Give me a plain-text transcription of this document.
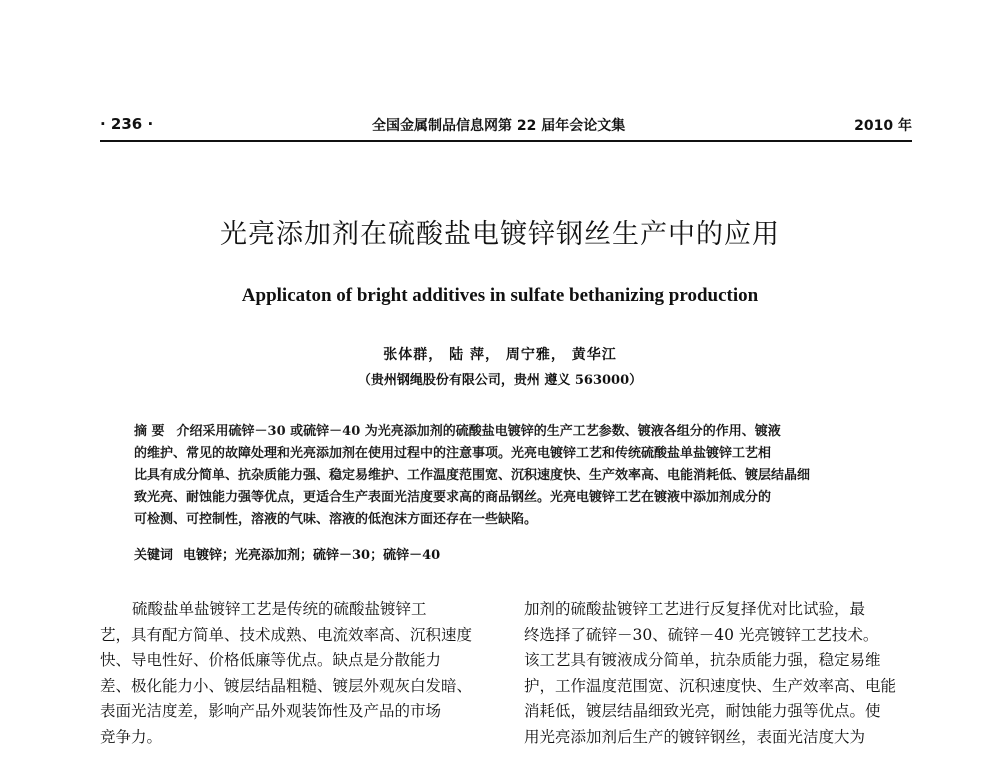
· 236 ·	全国金属制品信息网第 22 届年会论文集	2010 年
光亮添加剂在硫酸盐电镀锌钢丝生产中的应用
Applicaton of bright additives in sulfate bethanizing production
张体群， 陆 萍， 周宁雅， 黄华江
（贵州钢绳股份有限公司，贵州 遵义 563000）
摘 要 介绍采用硫锌－30 或硫锌－40 为光亮添加剂的硫酸盐电镀锌的生产工艺参数、镀液各组分的作用、镀液
的维护、常见的故障处理和光亮添加剂在使用过程中的注意事项。光亮电镀锌工艺和传统硫酸盐单盐镀锌工艺相
比具有成分简单、抗杂质能力强、稳定易维护、工作温度范围宽、沉积速度快、生产效率高、电能消耗低、镀层结晶细
致光亮、耐蚀能力强等优点，更适合生产表面光洁度要求高的商品钢丝。光亮电镀锌工艺在镀液中添加剂成分的
可检测、可控制性，溶液的气味、溶液的低泡沫方面还存在一些缺陷。
关键词 电镀锌；光亮添加剂；硫锌－30；硫锌－40
硫酸盐单盐镀锌工艺是传统的硫酸盐镀锌工
艺，具有配方简单、技术成熟、电流效率高、沉积速度
快、导电性好、价格低廉等优点。缺点是分散能力
差、极化能力小、镀层结晶粗糙、镀层外观灰白发暗、
表面光洁度差，影响产品外观装饰性及产品的市场
竞争力。
加剂的硫酸盐镀锌工艺进行反复择优对比试验，最
终选择了硫锌－30、硫锌－40 光亮镀锌工艺技术。
该工艺具有镀液成分简单，抗杂质能力强，稳定易维
护，工作温度范围宽、沉积速度快、生产效率高、电能
消耗低，镀层结晶细致光亮，耐蚀能力强等优点。使
用光亮添加剂后生产的镀锌钢丝，表面光洁度大为
